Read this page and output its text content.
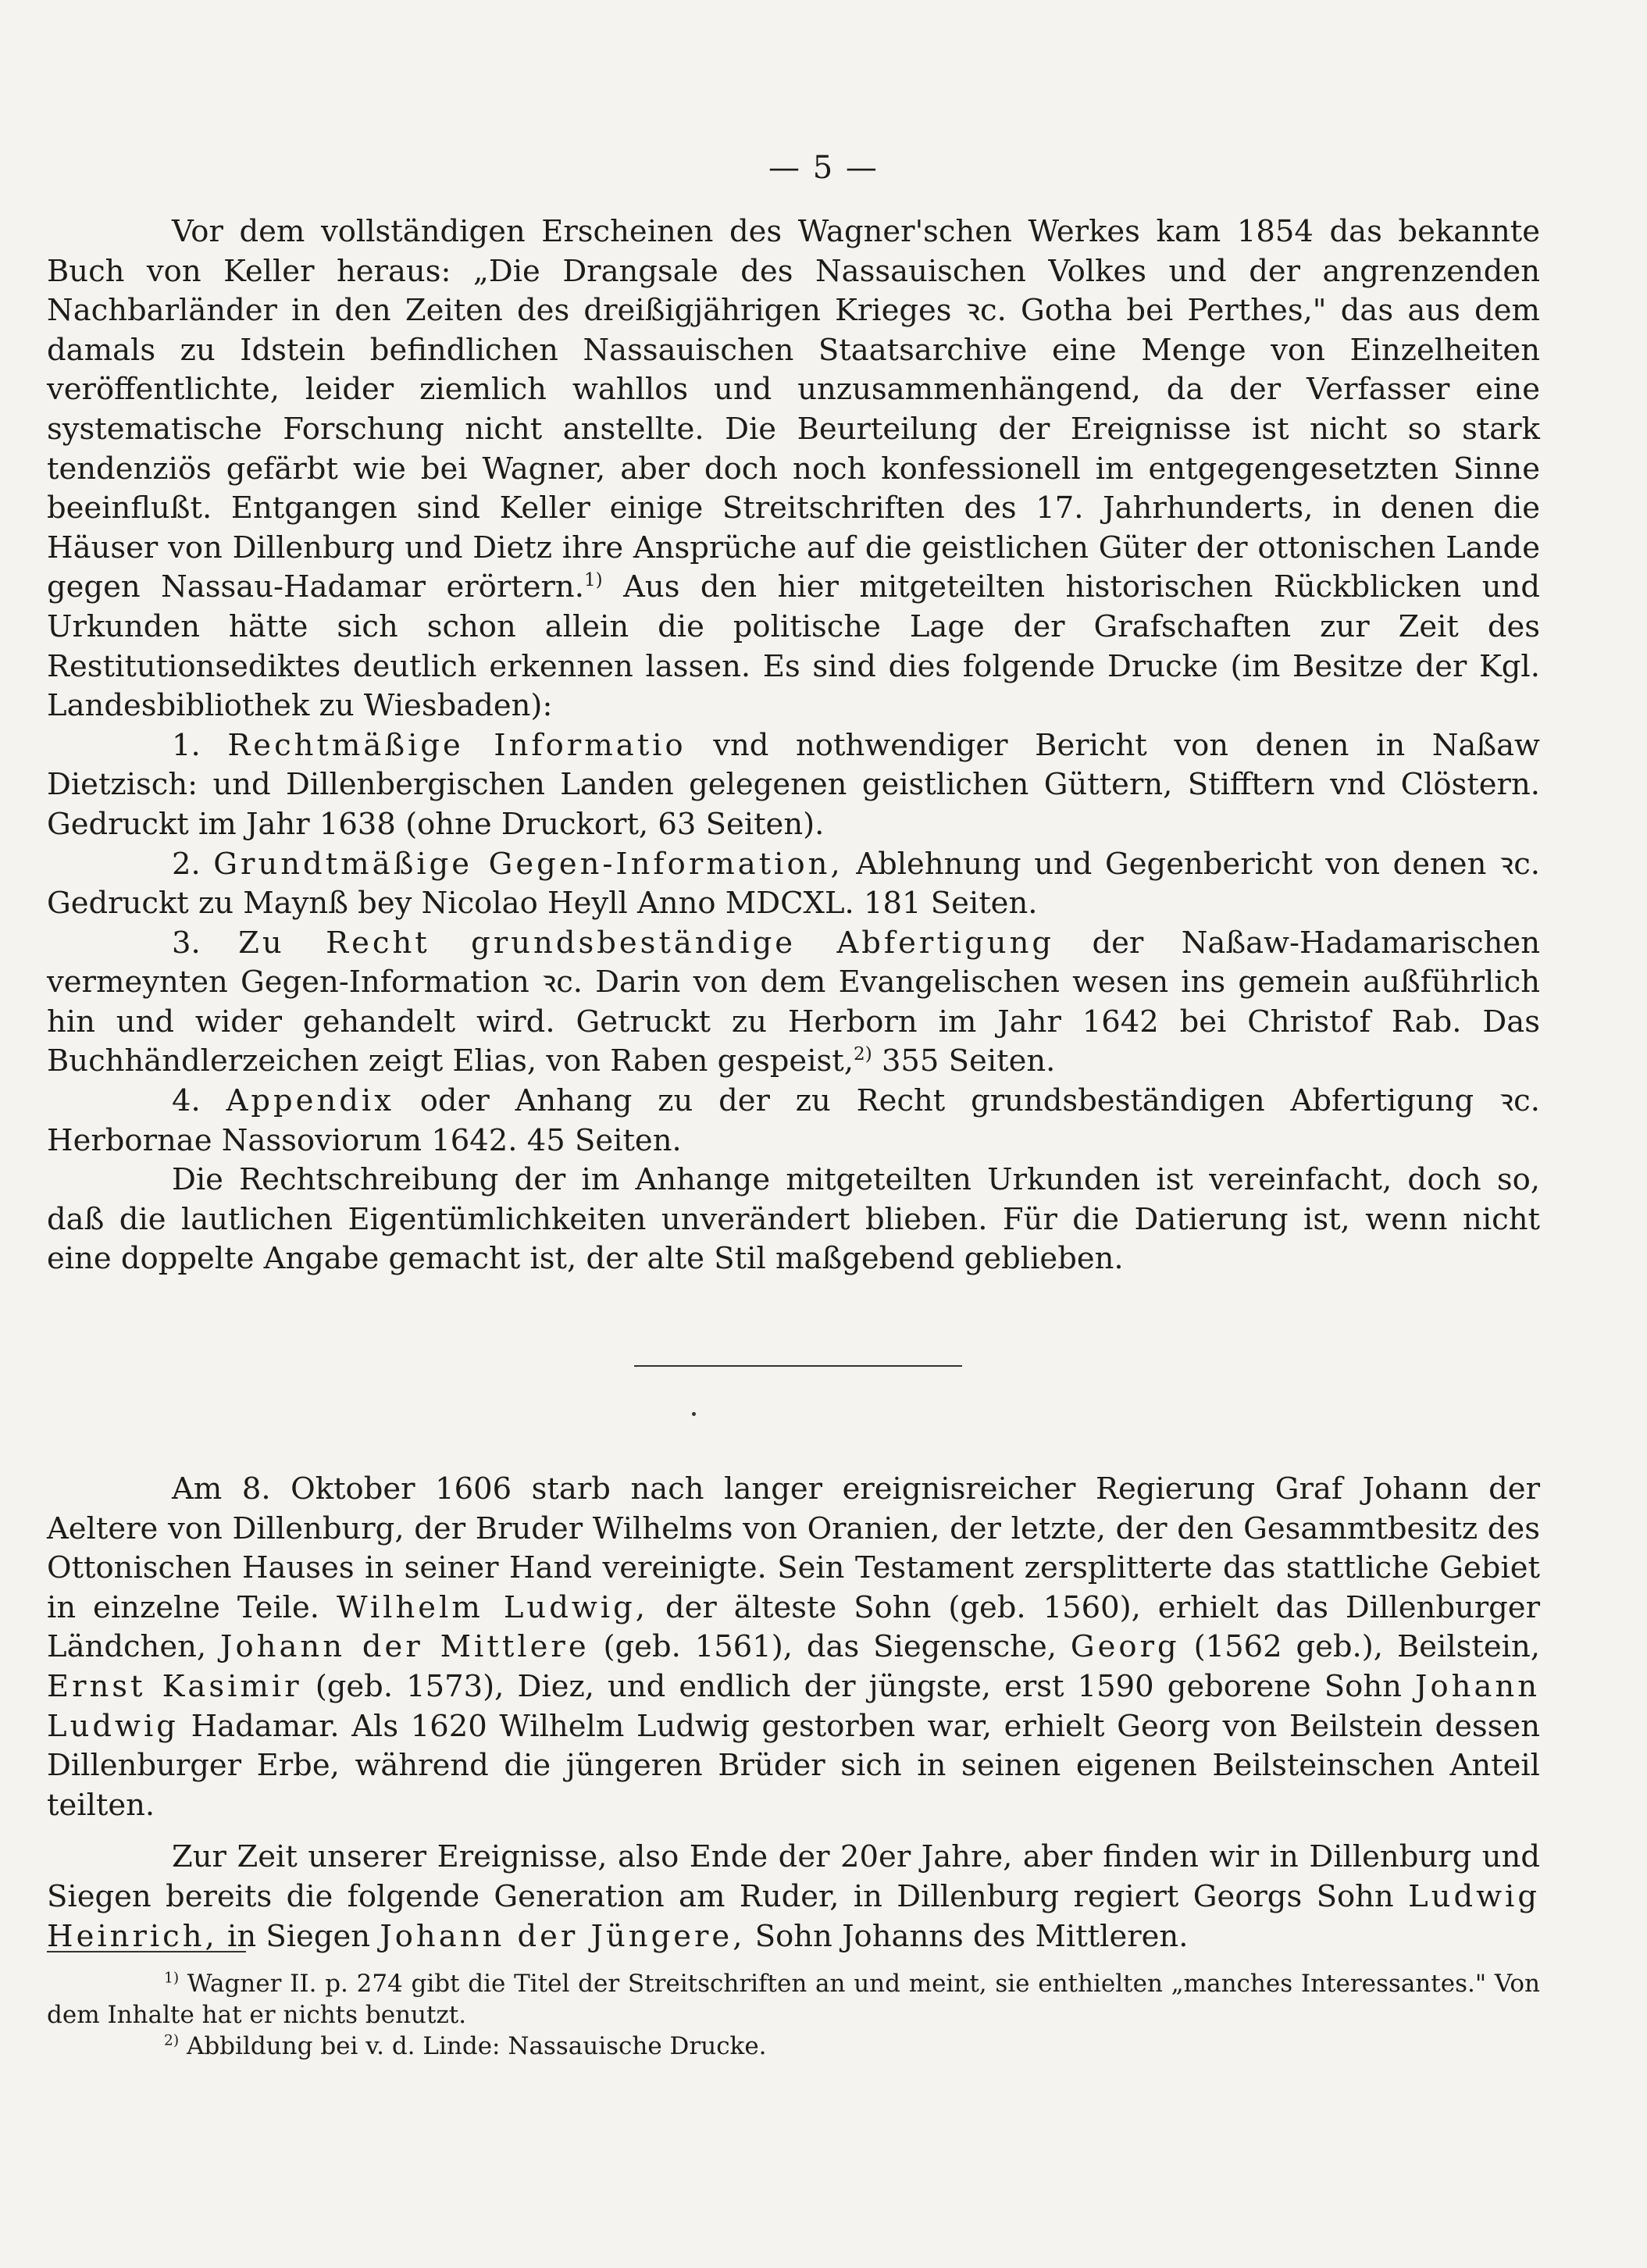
— 5 —

Vor dem vollständigen Erscheinen des Wagner'schen Werkes kam 1854 das bekannte Buch von Keller heraus: „Die Drangsale des Nassauischen Volkes und der angrenzenden Nachbarländer in den Zeiten des dreißigjährigen Krieges ꝛc. Gotha bei Perthes," das aus dem damals zu Idstein befindlichen Nassauischen Staatsarchive eine Menge von Einzelheiten veröffentlichte, leider ziemlich wahllos und unzusammenhängend, da der Verfasser eine systematische Forschung nicht anstellte. Die Beurteilung der Ereignisse ist nicht so stark tendenziös gefärbt wie bei Wagner, aber doch noch konfessionell im entgegengesetzten Sinne beeinflußt. Entgangen sind Keller einige Streitschriften des 17. Jahrhunderts, in denen die Häuser von Dillenburg und Dietz ihre Ansprüche auf die geistlichen Güter der ottonischen Lande gegen Nassau-Hadamar erörtern.$^{1)}$ Aus den hier mitgeteilten historischen Rückblicken und Urkunden hätte sich schon allein die politische Lage der Grafschaften zur Zeit des Restitutionsediktes deutlich erkennen lassen. Es sind dies folgende Drucke (im Besitze der Kgl. Landesbibliothek zu Wiesbaden):

1. Rechtmäßige Informatio vnd nothwendiger Bericht von denen in Naßaw Dietzisch: und Dillenbergischen Landen gelegenen geistlichen Güttern, Stifftern vnd Clöstern. Gedruckt im Jahr 1638 (ohne Druckort, 63 Seiten).

2. Grundtmäßige Gegen-Information, Ablehnung und Gegenbericht von denen ꝛc. Gedruckt zu Maynß bey Nicolao Heyll Anno MDCXL. 181 Seiten.

3. Zu Recht grundsbeständige Abfertigung der Naßaw-Hadamarischen vermeynten Gegen-Information ꝛc. Darin von dem Evangelischen wesen ins gemein außführlich hin und wider gehandelt wird. Getruckt zu Herborn im Jahr 1642 bei Christof Rab. Das Buchhändlerzeichen zeigt Elias, von Raben gespeist,$^{2)}$ 355 Seiten.

4. Appendix oder Anhang zu der zu Recht grundsbeständigen Abfertigung ꝛc. Herbornae Nassoviorum 1642. 45 Seiten.

Die Rechtschreibung der im Anhange mitgeteilten Urkunden ist vereinfacht, doch so, daß die lautlichen Eigentümlichkeiten unverändert blieben. Für die Datierung ist, wenn nicht eine doppelte Angabe gemacht ist, der alte Stil maßgebend geblieben.

Am 8. Oktober 1606 starb nach langer ereignisreicher Regierung Graf Johann der Aeltere von Dillenburg, der Bruder Wilhelms von Oranien, der letzte, der den Gesammtbesitz des Ottonischen Hauses in seiner Hand vereinigte. Sein Testament zersplitterte das stattliche Gebiet in einzelne Teile. Wilhelm Ludwig, der älteste Sohn (geb. 1560), erhielt das Dillenburger Ländchen, Johann der Mittlere (geb. 1561), das Siegensche, Georg (1562 geb.), Beilstein, Ernst Kasimir (geb. 1573), Diez, und endlich der jüngste, erst 1590 geborene Sohn Johann Ludwig Hadamar. Als 1620 Wilhelm Ludwig gestorben war, erhielt Georg von Beilstein dessen Dillenburger Erbe, während die jüngeren Brüder sich in seinen eigenen Beilsteinschen Anteil teilten.

Zur Zeit unserer Ereignisse, also Ende der 20er Jahre, aber finden wir in Dillenburg und Siegen bereits die folgende Generation am Ruder, in Dillenburg regiert Georgs Sohn Ludwig Heinrich, in Siegen Johann der Jüngere, Sohn Johanns des Mittleren.

$^{1)}$ Wagner II. p. 274 gibt die Titel der Streitschriften an und meint, sie enthielten „manches Interessantes." Von dem Inhalte hat er nichts benutzt.

$^{2)}$ Abbildung bei v. d. Linde: Nassauische Drucke.
